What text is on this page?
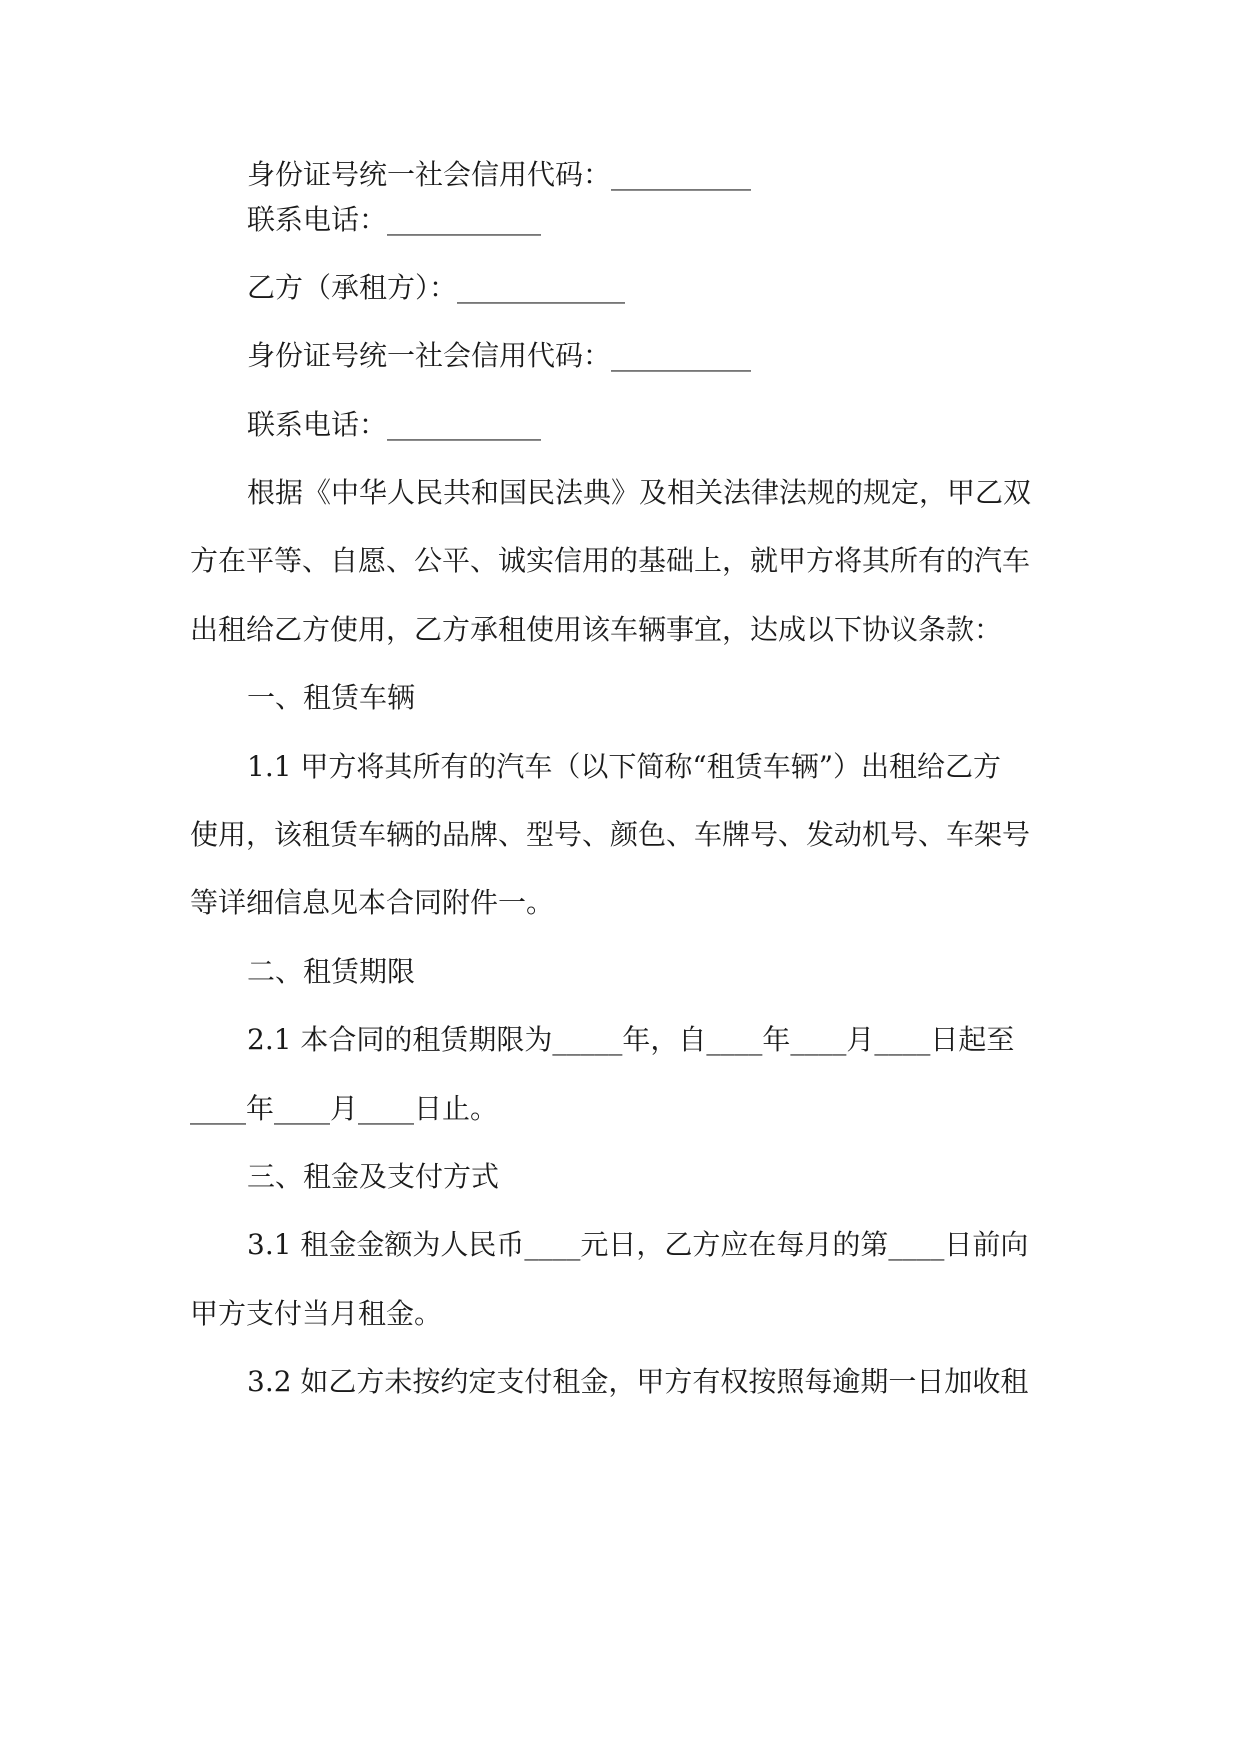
身份证号统一社会信用代码：__________
联系电话：___________
乙方（承租方）：____________
身份证号统一社会信用代码：__________
联系电话：___________
根据《中华人民共和国民法典》及相关法律法规的规定，甲乙双
方在平等、自愿、公平、诚实信用的基础上，就甲方将其所有的汽车
出租给乙方使用，乙方承租使用该车辆事宜，达成以下协议条款：
一、租赁车辆
1.1 甲方将其所有的汽车（以下简称“租赁车辆”）出租给乙方
使用，该租赁车辆的品牌、型号、颜色、车牌号、发动机号、车架号
等详细信息见本合同附件一。
二、租赁期限
2.1 本合同的租赁期限为_____年，自____年____月____日起至
____年____月____日止。
三、租金及支付方式
3.1 租金金额为人民币____元日，乙方应在每月的第____日前向
甲方支付当月租金。
3.2 如乙方未按约定支付租金，甲方有权按照每逾期一日加收租
